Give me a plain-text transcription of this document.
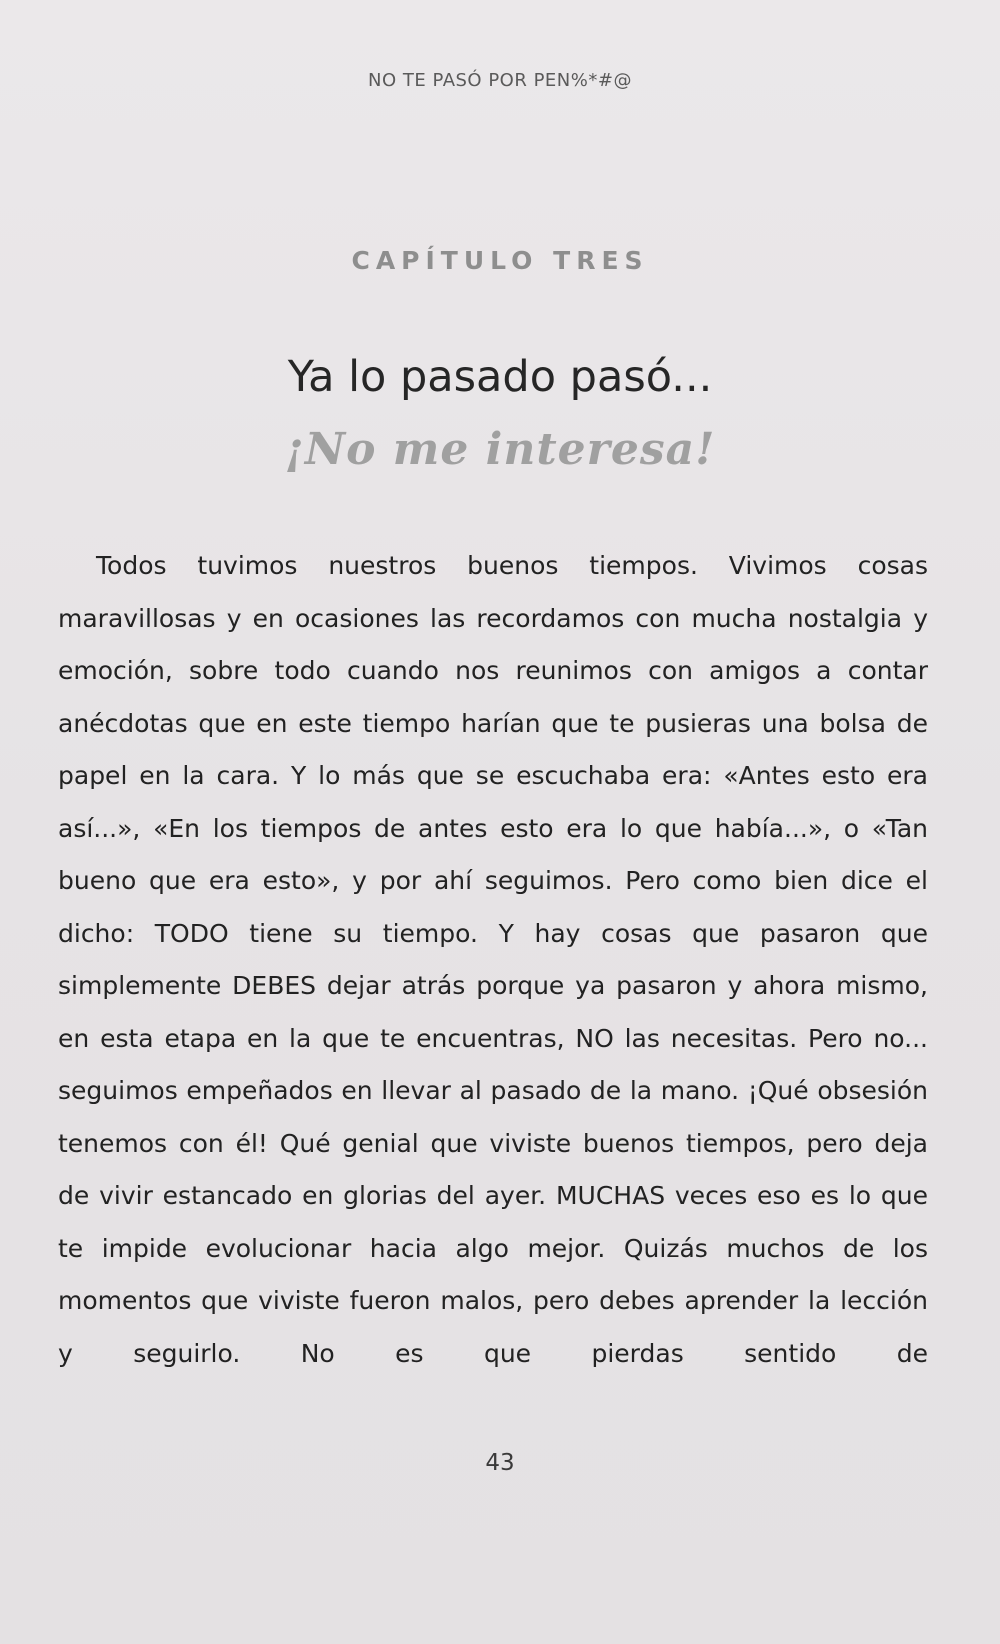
NO TE PASÓ POR PEN%*#@
CAPÍTULO TRES
Ya lo pasado pasó...
¡No me interesa!

Todos tuvimos nuestros buenos tiempos. Vivimos cosas maravillosas y en ocasiones las recordamos con mucha nostalgia y emoción, sobre todo cuando nos reunimos con amigos a contar anécdotas que en este tiempo harían que te pusieras una bolsa de papel en la cara. Y lo más que se escuchaba era: «Antes esto era así...», «En los tiempos de antes esto era lo que había...», o «Tan bueno que era esto», y por ahí seguimos. Pero como bien dice el dicho: TODO tiene su tiempo. Y hay cosas que pasaron que simplemente DEBES dejar atrás porque ya pasaron y ahora mismo, en esta etapa en la que te encuentras, NO las necesitas. Pero no... seguimos empeñados en llevar al pasado de la mano. ¡Qué obsesión tenemos con él! Qué genial que viviste buenos tiempos, pero deja de vivir estancado en glorias del ayer. MUCHAS veces eso es lo que te impide evolucionar hacia algo mejor. Quizás muchos de los momentos que viviste fueron malos, pero debes aprender la lección y seguirlo. No es que pierdas sentido de

43
